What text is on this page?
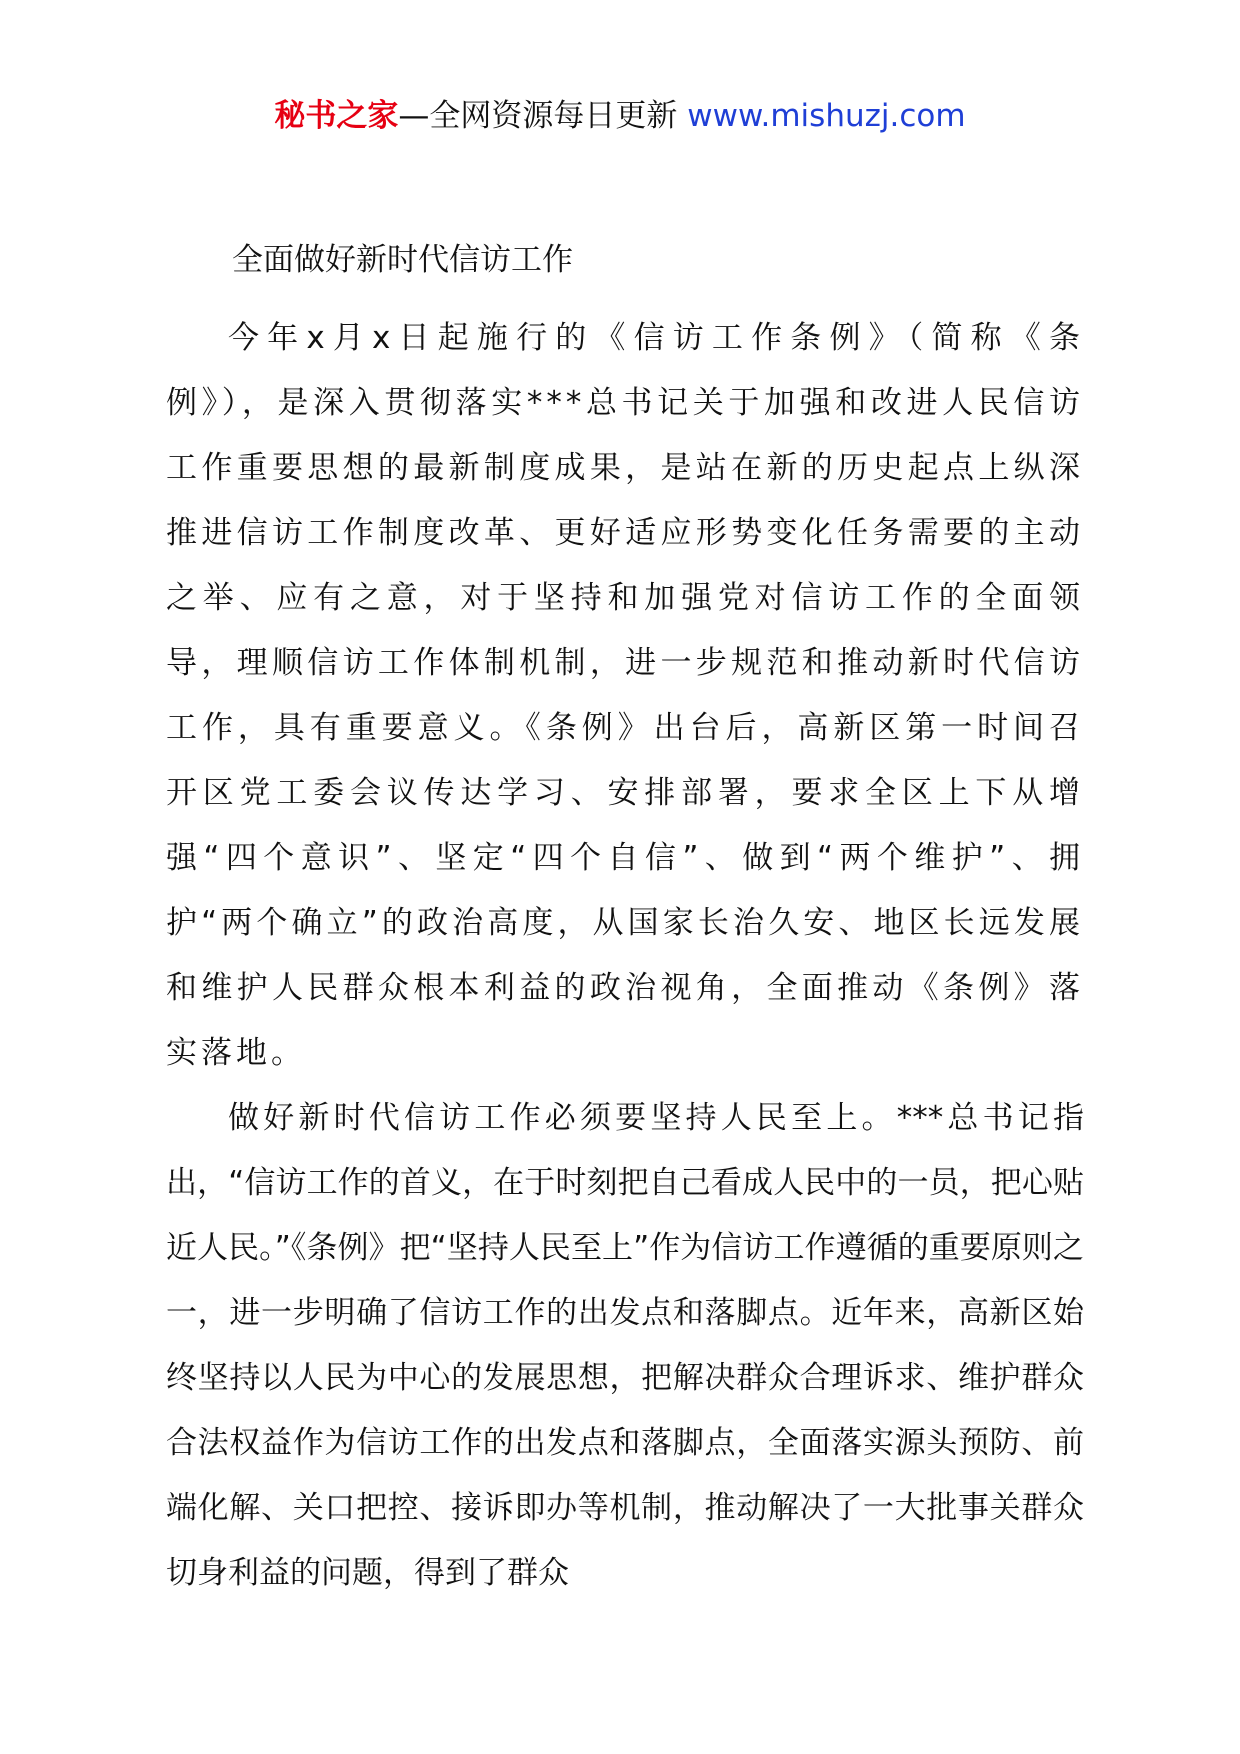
秘书之家—全网资源每日更新 www.mishuzj.com
全面做好新时代信访工作

今年x月x日起施行的《信访工作条例》（简称《条例》），是深入贯彻落实***总书记关于加强和改进人民信访工作重要思想的最新制度成果，是站在新的历史起点上纵深推进信访工作制度改革、更好适应形势变化任务需要的主动之举、应有之意，对于坚持和加强党对信访工作的全面领导，理顺信访工作体制机制，进一步规范和推动新时代信访工作，具有重要意义。《条例》出台后，高新区第一时间召开区党工委会议传达学习、安排部署，要求全区上下从增强“四个意识”、坚定“四个自信”、做到“两个维护”、拥护“两个确立”的政治高度，从国家长治久安、地区长远发展和维护人民群众根本利益的政治视角，全面推动《条例》落实落地。

做好新时代信访工作必须要坚持人民至上。***总书记指出，“信访工作的首义，在于时刻把自己看成人民中的一员，把心贴近人民。”《条例》把“坚持人民至上”作为信访工作遵循的重要原则之一，进一步明确了信访工作的出发点和落脚点。近年来，高新区始终坚持以人民为中心的发展思想，把解决群众合理诉求、维护群众合法权益作为信访工作的出发点和落脚点，全面落实源头预防、前端化解、关口把控、接诉即办等机制，推动解决了一大批事关群众切身利益的问题，得到了群众
